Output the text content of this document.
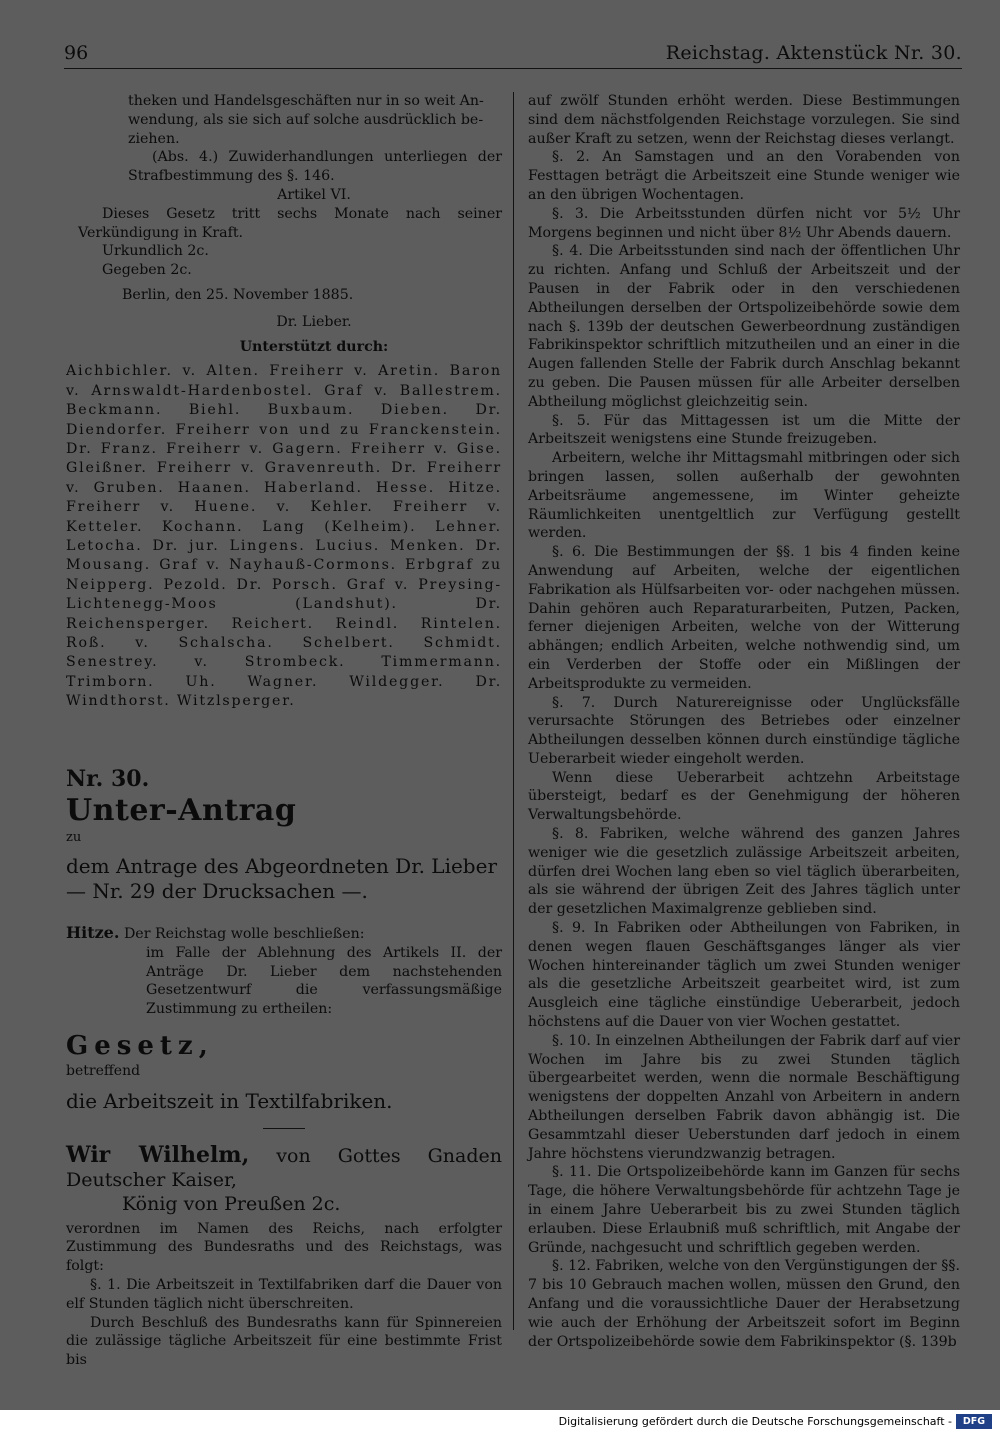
96	Reichstag. Aktenstück Nr. 30.

theken und Handelsgeschäften nur in so weit An-

wendung, als sie sich auf solche ausdrücklich be-

ziehen.

(Abs. 4.) Zuwiderhandlungen unterliegen der Strafbestimmung des §. 146.

Artikel VI.

Dieses Gesetz tritt sechs Monate nach seiner Verkündigung in Kraft.

Urkundlich 2c.

Gegeben 2c.

Berlin, den 25. November 1885.

Dr. Lieber.

Unterstützt durch:

Aichbichler. v. Alten. Freiherr v. Aretin. Baron v. Arnswaldt-Hardenbostel. Graf v. Ballestrem. Beckmann. Biehl. Buxbaum. Dieben. Dr. Diendorfer. Freiherr von und zu Franckenstein. Dr. Franz. Freiherr v. Gagern. Freiherr v. Gise. Gleißner. Freiherr v. Gravenreuth. Dr. Freiherr v. Gruben. Haanen. Haberland. Hesse. Hitze. Freiherr v. Huene. v. Kehler. Freiherr v. Ketteler. Kochann. Lang (Kelheim). Lehner. Letocha. Dr. jur. Lingens. Lucius. Menken. Dr. Mousang. Graf v. Nayhauß-Cormons. Erbgraf zu Neipperg. Pezold. Dr. Porsch. Graf v. Preysing-Lichtenegg-Moos (Landshut). Dr. Reichensperger. Reichert. Reindl. Rintelen. Roß. v. Schalscha. Schelbert. Schmidt. Senestrey. v. Strombeck. Timmermann. Trimborn. Uh. Wagner. Wildegger. Dr. Windthorst. Witzlsperger.

Nr. 30.

Unter-Antrag

zu

dem Antrage des Abgeordneten Dr. Lieber

— Nr. 29 der Drucksachen —.

Hitze. Der Reichstag wolle beschließen:

im Falle der Ablehnung des Artikels II. der Anträge Dr. Lieber dem nachstehenden Gesetzentwurf die verfassungsmäßige Zustimmung zu ertheilen:

Gesetz,

betreffend

die Arbeitszeit in Textilfabriken.

Wir Wilhelm, von Gottes Gnaden Deutscher Kaiser,

König von Preußen 2c.

verordnen im Namen des Reichs, nach erfolgter Zustimmung des Bundesraths und des Reichstags, was folgt:

§. 1. Die Arbeitszeit in Textilfabriken darf die Dauer von elf Stunden täglich nicht überschreiten.

Durch Beschluß des Bundesraths kann für Spinnereien die zulässige tägliche Arbeitszeit für eine bestimmte Frist bis

auf zwölf Stunden erhöht werden. Diese Bestimmungen sind dem nächstfolgenden Reichstage vorzulegen. Sie sind außer Kraft zu setzen, wenn der Reichstag dieses verlangt.

§. 2. An Samstagen und an den Vorabenden von Festtagen beträgt die Arbeitszeit eine Stunde weniger wie an den übrigen Wochentagen.

§. 3. Die Arbeitsstunden dürfen nicht vor 5½ Uhr Morgens beginnen und nicht über 8½ Uhr Abends dauern.

§. 4. Die Arbeitsstunden sind nach der öffentlichen Uhr zu richten. Anfang und Schluß der Arbeitszeit und der Pausen in der Fabrik oder in den verschiedenen Abtheilungen derselben der Ortspolizeibehörde sowie dem nach §. 139b der deutschen Gewerbeordnung zuständigen Fabrikinspektor schriftlich mitzutheilen und an einer in die Augen fallenden Stelle der Fabrik durch Anschlag bekannt zu geben. Die Pausen müssen für alle Arbeiter derselben Abtheilung möglichst gleichzeitig sein.

§. 5. Für das Mittagessen ist um die Mitte der Arbeitszeit wenigstens eine Stunde freizugeben.

Arbeitern, welche ihr Mittagsmahl mitbringen oder sich bringen lassen, sollen außerhalb der gewohnten Arbeitsräume angemessene, im Winter geheizte Räumlichkeiten unentgeltlich zur Verfügung gestellt werden.

§. 6. Die Bestimmungen der §§. 1 bis 4 finden keine Anwendung auf Arbeiten, welche der eigentlichen Fabrikation als Hülfsarbeiten vor- oder nachgehen müssen. Dahin gehören auch Reparaturarbeiten, Putzen, Packen, ferner diejenigen Arbeiten, welche von der Witterung abhängen; endlich Arbeiten, welche nothwendig sind, um ein Verderben der Stoffe oder ein Mißlingen der Arbeitsprodukte zu vermeiden.

§. 7. Durch Naturereignisse oder Unglücksfälle verursachte Störungen des Betriebes oder einzelner Abtheilungen desselben können durch einstündige tägliche Ueberarbeit wieder eingeholt werden.

Wenn diese Ueberarbeit achtzehn Arbeitstage übersteigt, bedarf es der Genehmigung der höheren Verwaltungsbehörde.

§. 8. Fabriken, welche während des ganzen Jahres weniger wie die gesetzlich zulässige Arbeitszeit arbeiten, dürfen drei Wochen lang eben so viel täglich überarbeiten, als sie während der übrigen Zeit des Jahres täglich unter der gesetzlichen Maximalgrenze geblieben sind.

§. 9. In Fabriken oder Abtheilungen von Fabriken, in denen wegen flauen Geschäftsganges länger als vier Wochen hintereinander täglich um zwei Stunden weniger als die gesetzliche Arbeitszeit gearbeitet wird, ist zum Ausgleich eine tägliche einstündige Ueberarbeit, jedoch höchstens auf die Dauer von vier Wochen gestattet.

§. 10. In einzelnen Abtheilungen der Fabrik darf auf vier Wochen im Jahre bis zu zwei Stunden täglich übergearbeitet werden, wenn die normale Beschäftigung wenigstens der doppelten Anzahl von Arbeitern in andern Abtheilungen derselben Fabrik davon abhängig ist. Die Gesammtzahl dieser Ueberstunden darf jedoch in einem Jahre höchstens vierundzwanzig betragen.

§. 11. Die Ortspolizeibehörde kann im Ganzen für sechs Tage, die höhere Verwaltungsbehörde für achtzehn Tage je in einem Jahre Ueberarbeit bis zu zwei Stunden täglich erlauben. Diese Erlaubniß muß schriftlich, mit Angabe der Gründe, nachgesucht und schriftlich gegeben werden.

§. 12. Fabriken, welche von den Vergünstigungen der §§. 7 bis 10 Gebrauch machen wollen, müssen den Grund, den Anfang und die voraussichtliche Dauer der Herabsetzung wie auch der Erhöhung der Arbeitszeit sofort im Beginn der Ortspolizeibehörde sowie dem Fabrikinspektor (§. 139b

Digitalisierung gefördert durch die Deutsche Forschungsgemeinschaft -	DFG
